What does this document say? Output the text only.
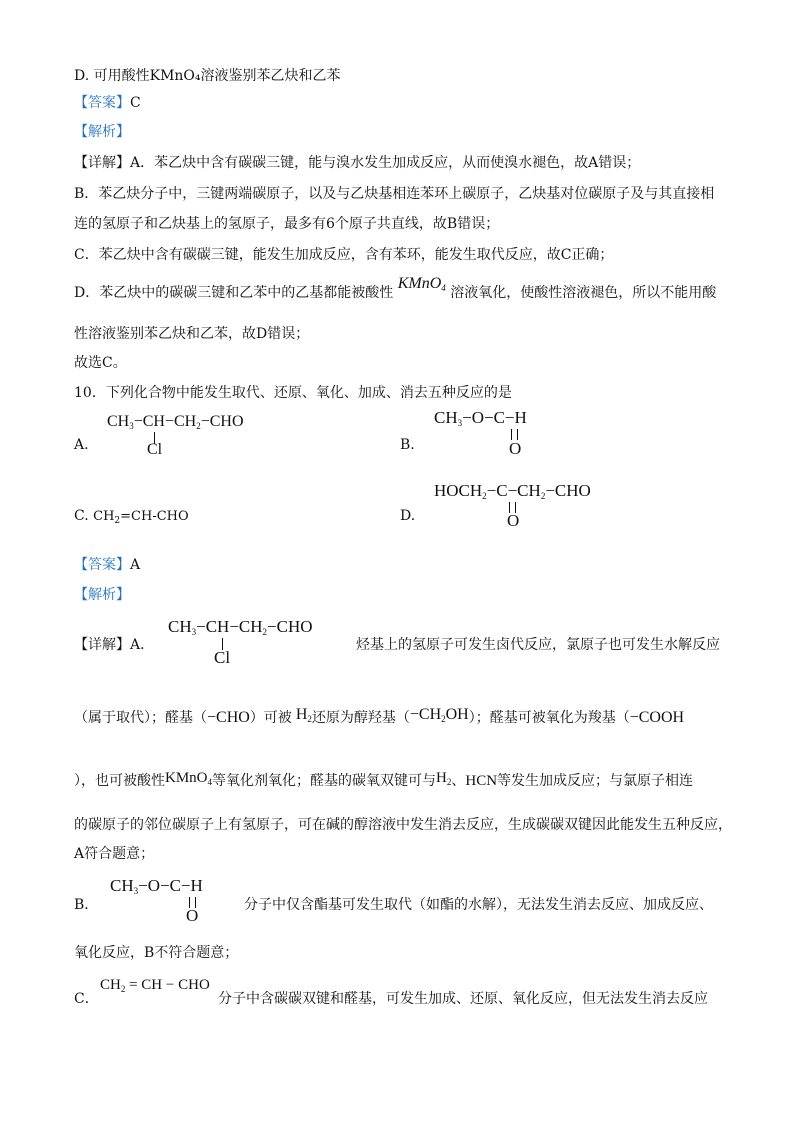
D. 可用酸性KMnO₄溶液鉴别苯乙炔和乙苯
【答案】C
【解析】
【详解】A．苯乙炔中含有碳碳三键，能与溴水发生加成反应，从而使溴水褪色，故A错误；
B．苯乙炔分子中，三键两端碳原子，以及与乙炔基相连苯环上碳原子，乙炔基对位碳原子及与其直接相
连的氢原子和乙炔基上的氢原子，最多有6个原子共直线，故B错误；
C．苯乙炔中含有碳碳三键，能发生加成反应，含有苯环，能发生取代反应，故C正确；
D．苯乙炔中的碳碳三键和乙苯中的乙基都能被酸性 KMnO$_4$ 溶液氧化，使酸性溶液褪色，所以不能用酸
性溶液鉴别苯乙炔和乙苯，故D错误；
故选C。
10．下列化合物中能发生取代、还原、氧化、加成、消去五种反应的是
A.
$CH_3-CH-CH_2-CHO$
Cl	B.
$CH_3-O-C-H$
O
C. $CH_2=CH$-CHO	D.
$HOCH_2-C-CH_2-CHO$
O
【答案】A
【解析】
【详解】A．
$CH_3-CH-CH_2-CHO$
Cl
烃基上的氢原子可发生卤代反应，氯原子也可发生水解反应
（属于取代）；醛基（−CHO）可被 $H_2$还原为醇羟基$(-CH_2OH)$；醛基可被氧化为羧基（−COOH
），也可被酸性KMnO$_4$等氧化剂氧化；醛基的碳氧双键可与$H_2$、HCN等发生加成反应；与氯原子相连
的碳原子的邻位碳原子上有氢原子，可在碱的醇溶液中发生消去反应，生成碳碳双键因此能发生五种反应，
A符合题意；
B．
$CH_3-O-C-H$
O
分子中仅含酯基可发生取代（如酯的水解），无法发生消去反应、加成反应、
氧化反应，B不符合题意；
C．
$CH_2$ = CH − CHO
分子中含碳碳双键和醛基，可发生加成、还原、氧化反应，但无法发生消去反应
